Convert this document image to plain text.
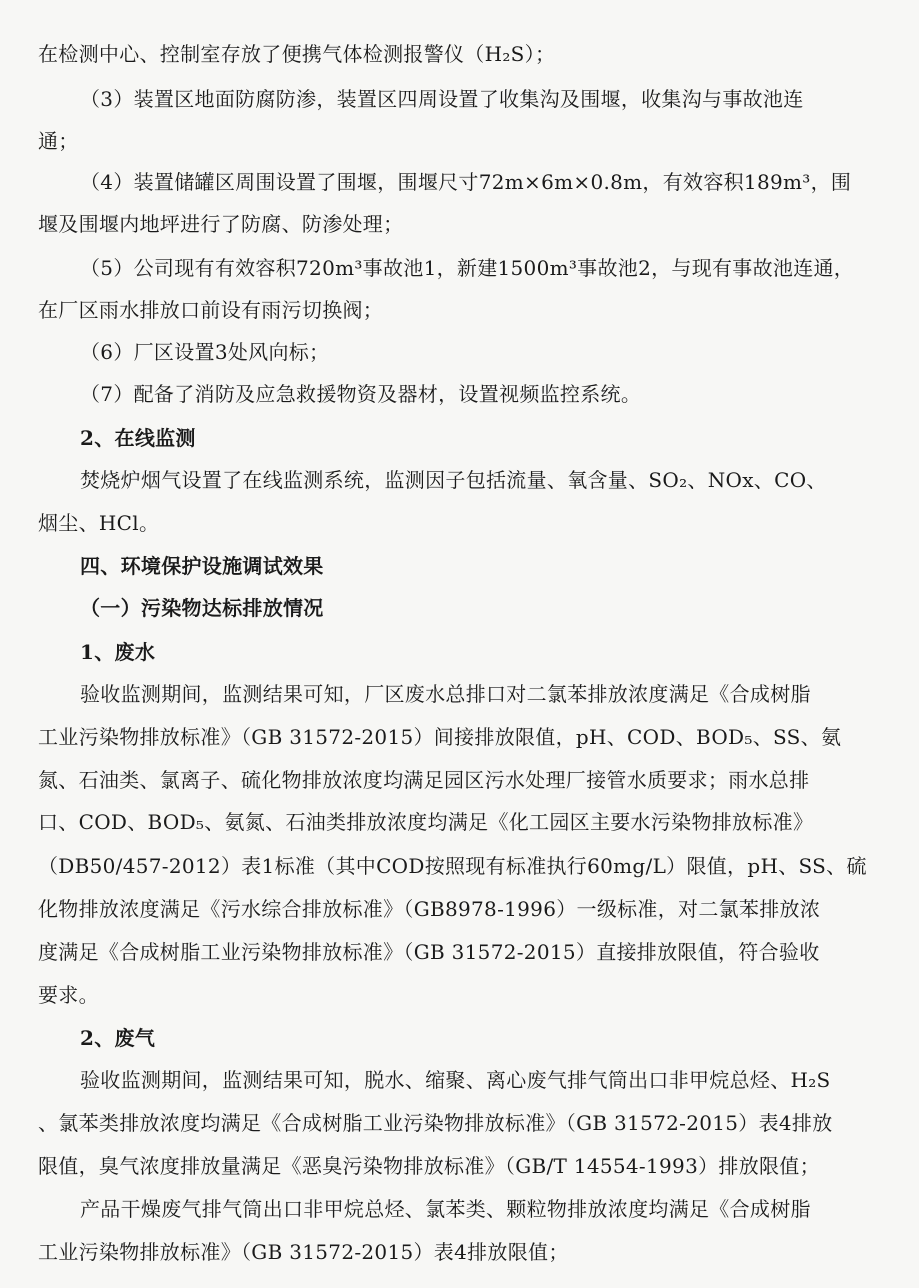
在检测中心、控制室存放了便携气体检测报警仪（H₂S）；
（3）装置区地面防腐防渗，装置区四周设置了收集沟及围堰，收集沟与事故池连
通；
（4）装置储罐区周围设置了围堰，围堰尺寸72m×6m×0.8m，有效容积189m³，围
堰及围堰内地坪进行了防腐、防渗处理；
（5）公司现有有效容积720m³事故池1，新建1500m³事故池2，与现有事故池连通，
在厂区雨水排放口前设有雨污切换阀；
（6）厂区设置3处风向标；
（7）配备了消防及应急救援物资及器材，设置视频监控系统。
2、在线监测
焚烧炉烟气设置了在线监测系统，监测因子包括流量、氧含量、SO₂、NOx、CO、
烟尘、HCl。
四、环境保护设施调试效果
（一）污染物达标排放情况
1、废水
验收监测期间，监测结果可知，厂区废水总排口对二氯苯排放浓度满足《合成树脂
工业污染物排放标准》（GB 31572-2015）间接排放限值，pH、COD、BOD₅、SS、氨
氮、石油类、氯离子、硫化物排放浓度均满足园区污水处理厂接管水质要求；雨水总排
口、COD、BOD₅、氨氮、石油类排放浓度均满足《化工园区主要水污染物排放标准》
（DB50/457-2012）表1标准（其中COD按照现有标准执行60mg/L）限值，pH、SS、硫
化物排放浓度满足《污水综合排放标准》（GB8978-1996）一级标准，对二氯苯排放浓
度满足《合成树脂工业污染物排放标准》（GB 31572-2015）直接排放限值，符合验收
要求。
2、废气
验收监测期间，监测结果可知，脱水、缩聚、离心废气排气筒出口非甲烷总烃、H₂S
、氯苯类排放浓度均满足《合成树脂工业污染物排放标准》（GB 31572-2015）表4排放
限值，臭气浓度排放量满足《恶臭污染物排放标准》（GB/T 14554-1993）排放限值；
产品干燥废气排气筒出口非甲烷总烃、氯苯类、颗粒物排放浓度均满足《合成树脂
工业污染物排放标准》（GB 31572-2015）表4排放限值；
